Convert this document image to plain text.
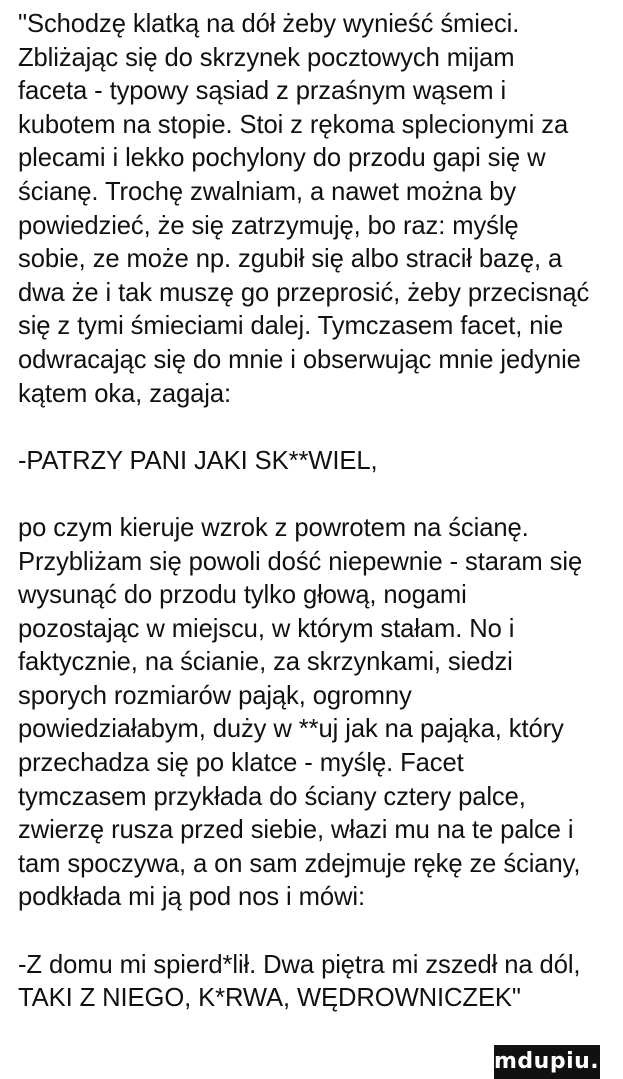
"Schodzę klatką na dół żeby wynieść śmieci. Zbliżając się do skrzynek pocztowych mijam faceta - typowy sąsiad z przaśnym wąsem i kubotem na stopie. Stoi z rękoma splecionymi za plecami i lekko pochylony do przodu gapi się w ścianę. Trochę zwalniam, a nawet można by powiedzieć, że się zatrzymuję, bo raz: myślę sobie, ze może np. zgubił się albo stracił bazę, a dwa że i tak muszę go przeprosić, żeby przecisnąć się z tymi śmieciami dalej. Tymczasem facet, nie odwracając się do mnie i obserwując mnie jedynie kątem oka, zagaja:

-PATRZY PANI JAKI SK**WIEL,

po czym kieruje wzrok z powrotem na ścianę. Przybliżam się powoli dość niepewnie - staram się wysunąć do przodu tylko głową, nogami pozostając w miejscu, w którym stałam. No i faktycznie, na ścianie, za skrzynkami, siedzi sporych rozmiarów pająk, ogromny powiedziałabym, duży w **uj jak na pająka, który przechadza się po klatce - myślę. Facet tymczasem przykłada do ściany cztery palce, zwierzę rusza przed siebie, włazi mu na te palce i tam spoczywa, a on sam zdejmuje rękę ze ściany, podkłada mi ją pod nos i mówi:

-Z domu mi spierd*lił. Dwa piętra mi zszedł na dól, TAKI Z NIEGO, K*RWA, WĘDROWNICZEK"

mdupiu.pl
